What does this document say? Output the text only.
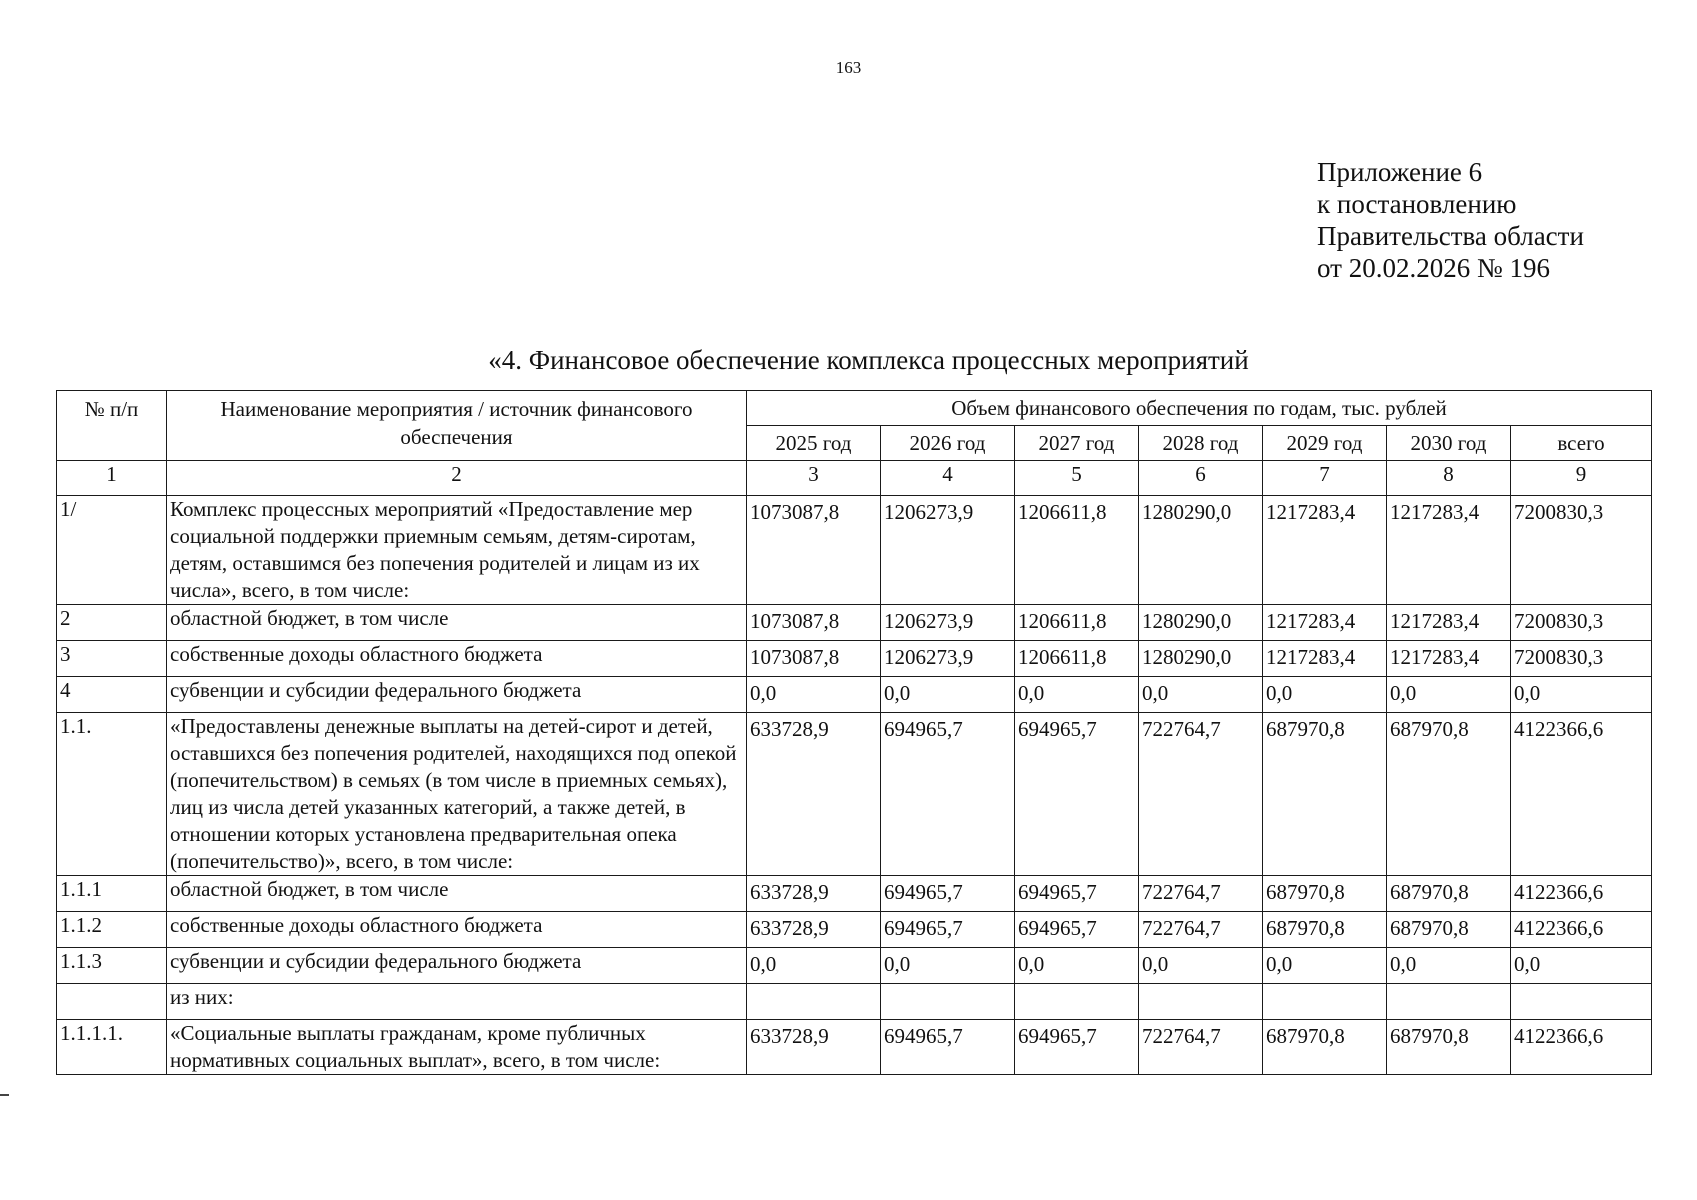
163
Приложение 6
к постановлению
Правительства области
от 20.02.2026 № 196
«4. Финансовое обеспечение комплекса процессных мероприятий
№ п/п	Наименование мероприятия / источник финансового обеспечения	Объем финансового обеспечения по годам, тыс. рублей						
		2025 год	2026 год	2027 год	2028 год	2029 год	2030 год	всего
1	2	3	4	5	6	7	8	9
1/	Комплекс процессных мероприятий «Предоставление мер социальной поддержки приемным семьям, детям-сиротам, детям, оставшимся без попечения родителей и лицам из их числа», всего, в том числе:	1073087,8	1206273,9	1206611,8	1280290,0	1217283,4	1217283,4	7200830,3
2	областной бюджет, в том числе	1073087,8	1206273,9	1206611,8	1280290,0	1217283,4	1217283,4	7200830,3
3	собственные доходы областного бюджета	1073087,8	1206273,9	1206611,8	1280290,0	1217283,4	1217283,4	7200830,3
4	субвенции и субсидии федерального бюджета	0,0	0,0	0,0	0,0	0,0	0,0	0,0
1.1.	«Предоставлены денежные выплаты на детей-сирот и детей, оставшихся без попечения родителей, находящихся под опекой (попечительством) в семьях (в том числе в приемных семьях), лиц из числа детей указанных категорий, а также детей, в отношении которых установлена предварительная опека (попечительство)», всего, в том числе:	633728,9	694965,7	694965,7	722764,7	687970,8	687970,8	4122366,6
1.1.1	областной бюджет, в том числе	633728,9	694965,7	694965,7	722764,7	687970,8	687970,8	4122366,6
1.1.2	собственные доходы областного бюджета	633728,9	694965,7	694965,7	722764,7	687970,8	687970,8	4122366,6
1.1.3	субвенции и субсидии федерального бюджета	0,0	0,0	0,0	0,0	0,0	0,0	0,0
	из них:							
1.1.1.1.	«Социальные выплаты гражданам, кроме публичных нормативных социальных выплат», всего, в том числе:	633728,9	694965,7	694965,7	722764,7	687970,8	687970,8	4122366,6
